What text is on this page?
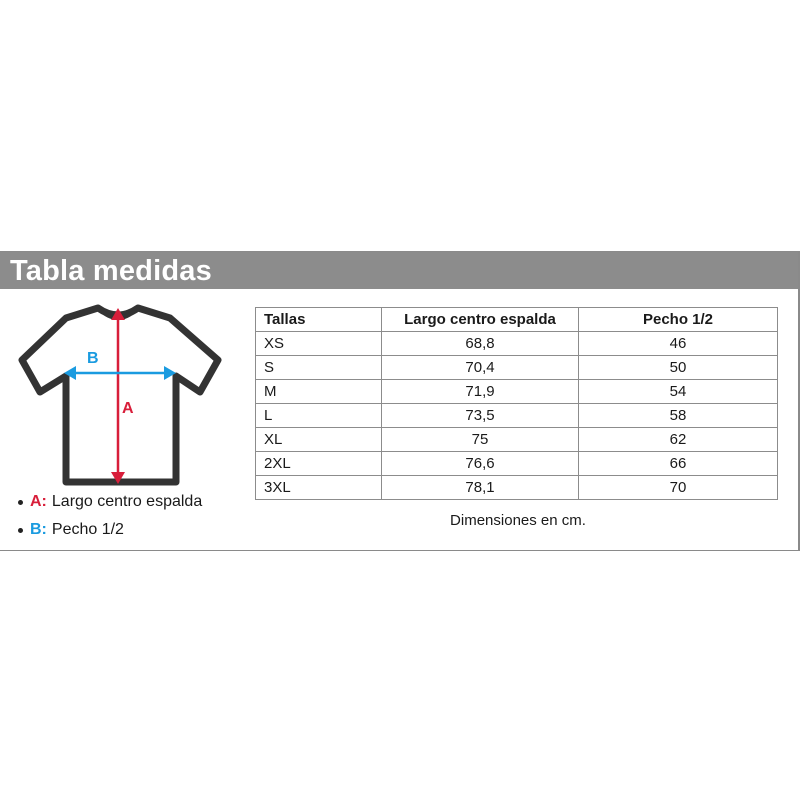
Tabla medidas
A
B
A: Largo centro espalda
B: Pecho 1/2
Tallas	Largo centro espalda	Pecho 1/2
XS	68,8	46
S	70,4	50
M	71,9	54
L	73,5	58
XL	75	62
2XL	76,6	66
3XL	78,1	70
Dimensiones en cm.
